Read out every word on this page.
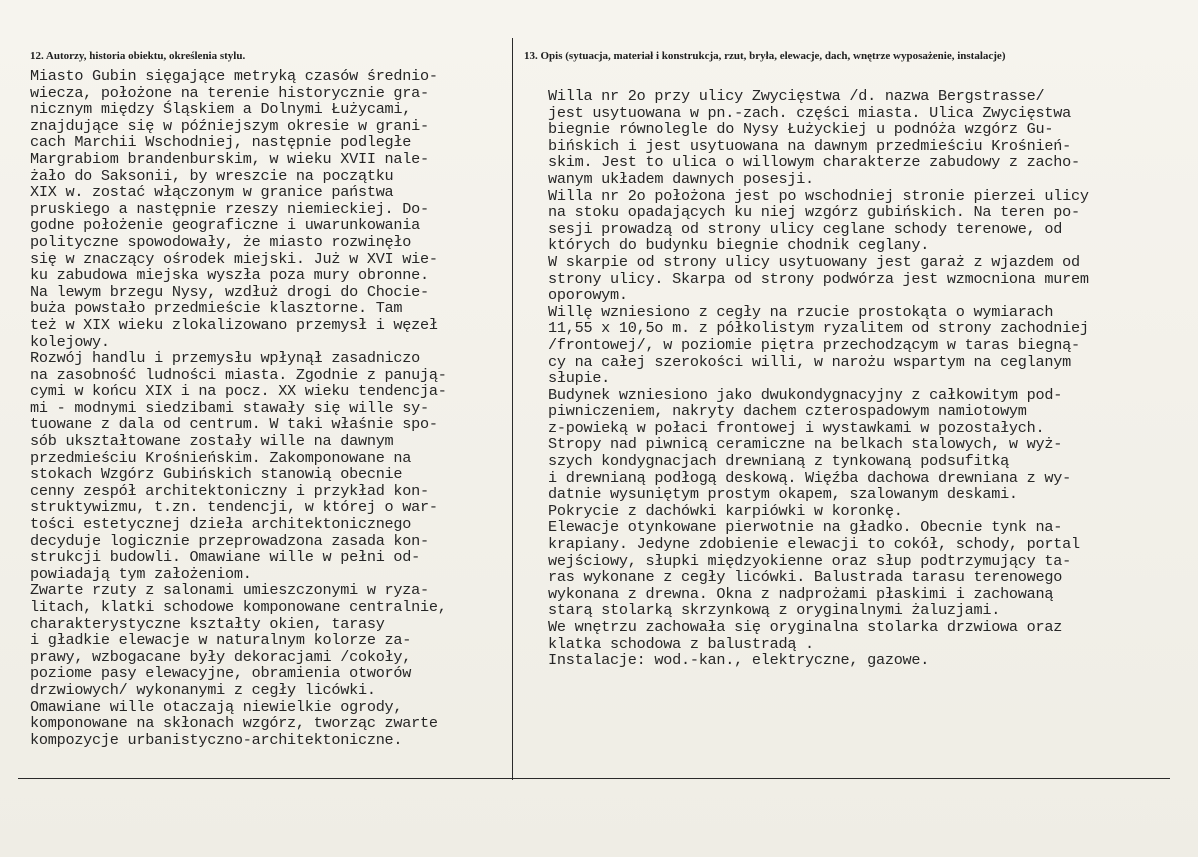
12. Autorzy, historia obiektu, określenia stylu.	13. Opis (sytuacja, materiał i konstrukcja, rzut, bryła, elewacje, dach, wnętrze wyposażenie, instalacje)
Miasto Gubin sięgające metryką czasów średnio-
wiecza, położone na terenie historycznie gra-
nicznym między Śląskiem a Dolnymi Łużycami,
znajdujące się w późniejszym okresie w grani-
cach Marchii Wschodniej, następnie podległe
Margrabiom brandenburskim, w wieku XVII nale-
żało do Saksonii, by wreszcie na początku
XIX w. zostać włączonym w granice państwa
pruskiego a następnie rzeszy niemieckiej. Do-
godne położenie geograficzne i uwarunkowania
polityczne spowodowały, że miasto rozwinęło
się w znaczący ośrodek miejski. Już w XVI wie-
ku zabudowa miejska wyszła poza mury obronne.
Na lewym brzegu Nysy, wzdłuż drogi do Chocie-
buża powstało przedmieście klasztorne. Tam
też w XIX wieku zlokalizowano przemysł i węzeł
kolejowy.
Rozwój handlu i przemysłu wpłynął zasadniczo
na zasobność ludności miasta. Zgodnie z panują-
cymi w końcu XIX i na pocz. XX wieku tendencja-
mi - modnymi siedzibami stawały się wille sy-
tuowane z dala od centrum. W taki właśnie spo-
sób ukształtowane zostały wille na dawnym
przedmieściu Krośnieńskim. Zakomponowane na
stokach Wzgórz Gubińskich stanowią obecnie
cenny zespół architektoniczny i przykład kon-
struktywizmu, t.zn. tendencji, w której o war-
tości estetycznej dzieła architektonicznego
decyduje logicznie przeprowadzona zasada kon-
strukcji budowli. Omawiane wille w pełni od-
powiadają tym założeniom.
Zwarte rzuty z salonami umieszczonymi w ryza-
litach, klatki schodowe komponowane centralnie,
charakterystyczne kształty okien, tarasy
i gładkie elewacje w naturalnym kolorze za-
prawy, wzbogacane były dekoracjami /cokoły,
poziome pasy elewacyjne, obramienia otworów
drzwiowych/ wykonanymi z cegły licówki.
Omawiane wille otaczają niewielkie ogrody,
komponowane na skłonach wzgórz, tworząc zwarte
kompozycje urbanistyczno-architektoniczne.
Willa nr 2o przy ulicy Zwycięstwa /d. nazwa Bergstrasse/
jest usytuowana w pn.-zach. części miasta. Ulica Zwycięstwa
biegnie równolegle do Nysy Łużyckiej u podnóża wzgórz Gu-
bińskich i jest usytuowana na dawnym przedmieściu Krośnień-
skim. Jest to ulica o willowym charakterze zabudowy z zacho-
wanym układem dawnych posesji.
Willa nr 2o położona jest po wschodniej stronie pierzei ulicy
na stoku opadających ku niej wzgórz gubińskich. Na teren po-
sesji prowadzą od strony ulicy ceglane schody terenowe, od
których do budynku biegnie chodnik ceglany.
W skarpie od strony ulicy usytuowany jest garaż z wjazdem od
strony ulicy. Skarpa od strony podwórza jest wzmocniona murem
oporowym.
Willę wzniesiono z cegły na rzucie prostokąta o wymiarach
11,55 x 10,5o m. z półkolistym ryzalitem od strony zachodniej
/frontowej/, w poziomie piętra przechodzącym w taras biegną-
cy na całej szerokości willi, w narożu wspartym na ceglanym
słupie.
Budynek wzniesiono jako dwukondygnacyjny z całkowitym pod-
piwniczeniem, nakryty dachem czterospadowym namiotowym
z-powieką w połaci frontowej i wystawkami w pozostałych.
Stropy nad piwnicą ceramiczne na belkach stalowych, w wyż-
szych kondygnacjach drewnianą z tynkowaną podsufitką
i drewnianą podłogą deskową. Więźba dachowa drewniana z wy-
datnie wysuniętym prostym okapem, szalowanym deskami.
Pokrycie z dachówki karpiówki w koronkę.
Elewacje otynkowane pierwotnie na gładko. Obecnie tynk na-
krapiany. Jedyne zdobienie elewacji to cokół, schody, portal
wejściowy, słupki międzyokienne oraz słup podtrzymujący ta-
ras wykonane z cegły licówki. Balustrada tarasu terenowego
wykonana z drewna. Okna z nadprożami płaskimi i zachowaną
starą stolarką skrzynkową z oryginalnymi żaluzjami.
We wnętrzu zachowała się oryginalna stolarka drzwiowa oraz
klatka schodowa z balustradą .
Instalacje: wod.-kan., elektryczne, gazowe.
